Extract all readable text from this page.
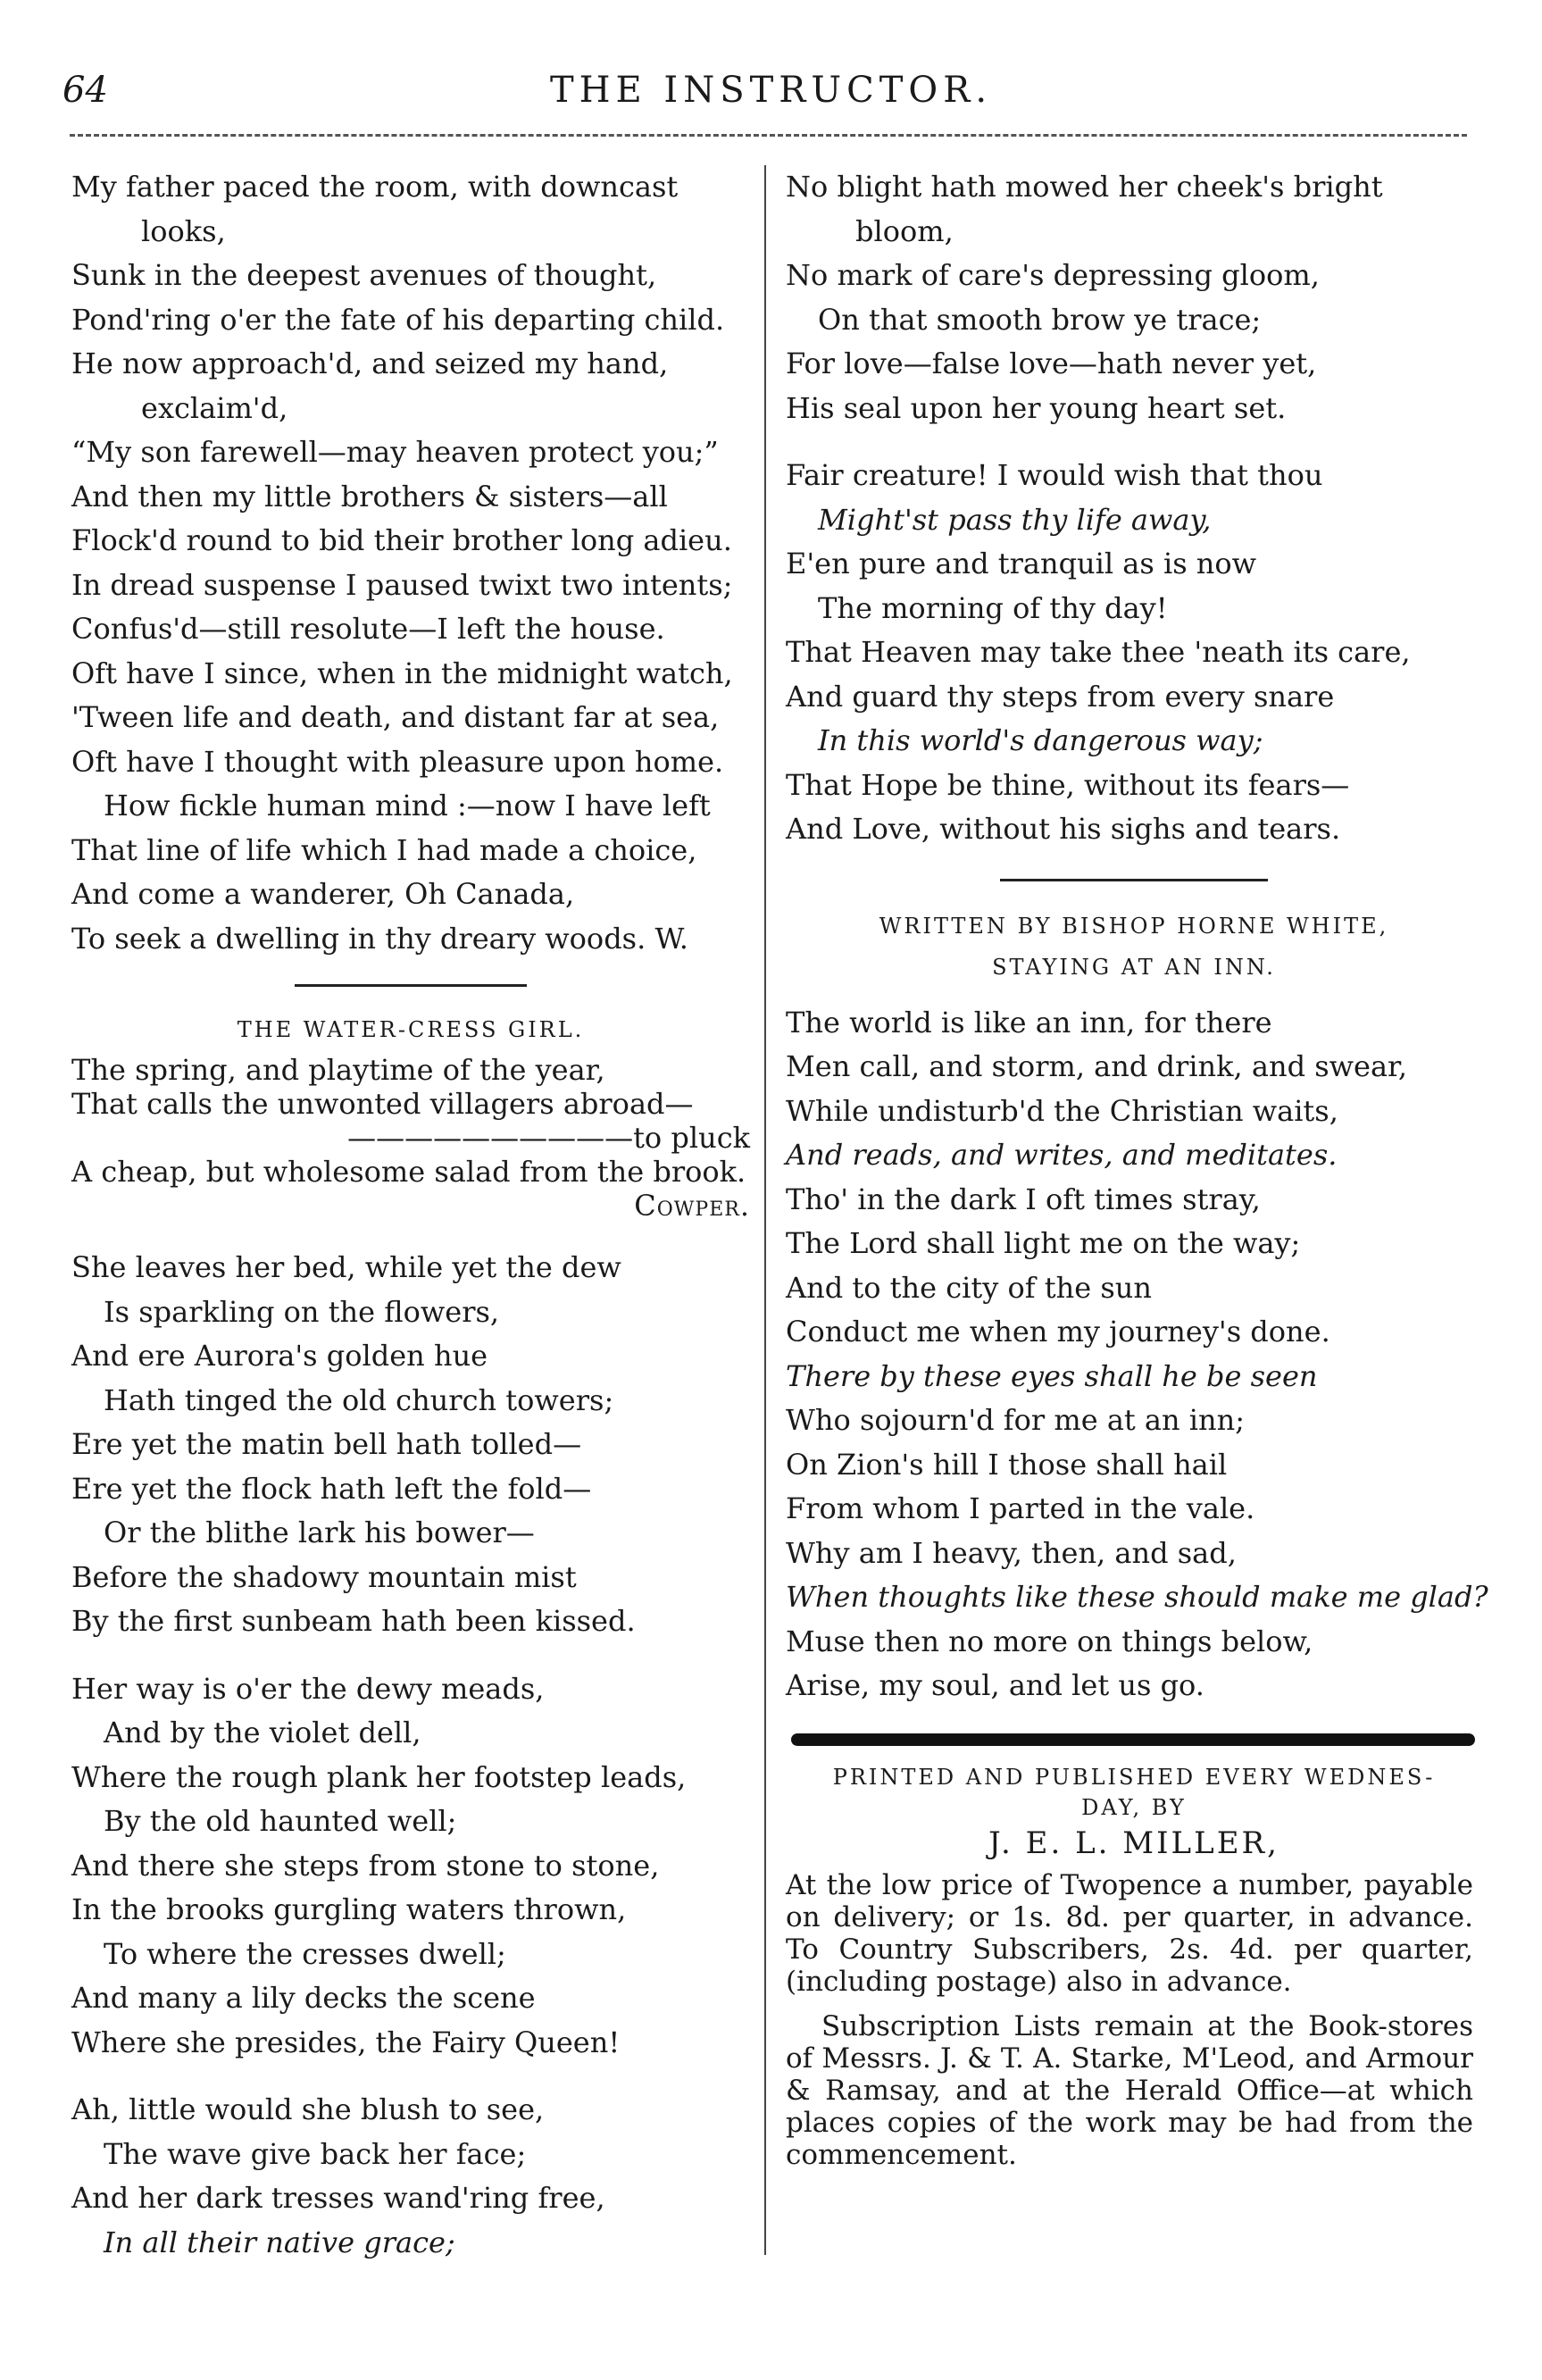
64	THE INSTRUCTOR.
My father paced the room, with downcast
looks,
Sunk in the deepest avenues of thought,
Pond'ring o'er the fate of his departing child.
He now approach'd, and seized my hand,
exclaim'd,
“My son farewell—may heaven protect you;”
And then my little brothers & sisters—all
Flock'd round to bid their brother long adieu.
In dread suspense I paused twixt two intents;
Confus'd—still resolute—I left the house.
Oft have I since, when in the midnight watch,
'Tween life and death, and distant far at sea,
Oft have I thought with pleasure upon home.
How fickle human mind :—now I have left
That line of life which I had made a choice,
And come a wanderer, Oh Canada,
To seek a dwelling in thy dreary woods. W.
THE WATER-CRESS GIRL.
The spring, and playtime of the year,
That calls the unwonted villagers abroad—
——————————to pluck
A cheap, but wholesome salad from the brook.
Cowper.
She leaves her bed, while yet the dew
Is sparkling on the flowers,
And ere Aurora's golden hue
Hath tinged the old church towers;
Ere yet the matin bell hath tolled—
Ere yet the flock hath left the fold—
Or the blithe lark his bower—
Before the shadowy mountain mist
By the first sunbeam hath been kissed.
Her way is o'er the dewy meads,
And by the violet dell,
Where the rough plank her footstep leads,
By the old haunted well;
And there she steps from stone to stone,
In the brooks gurgling waters thrown,
To where the cresses dwell;
And many a lily decks the scene
Where she presides, the Fairy Queen!
Ah, little would she blush to see,
The wave give back her face;
And her dark tresses wand'ring free,
In all their native grace;
No blight hath mowed her cheek's bright
bloom,
No mark of care's depressing gloom,
On that smooth brow ye trace;
For love—false love—hath never yet,
His seal upon her young heart set.
Fair creature! I would wish that thou
Might'st pass thy life away,
E'en pure and tranquil as is now
The morning of thy day!
That Heaven may take thee 'neath its care,
And guard thy steps from every snare
In this world's dangerous way;
That Hope be thine, without its fears—
And Love, without his sighs and tears.
WRITTEN BY BISHOP HORNE WHITE,
STAYING AT AN INN.
The world is like an inn, for there
Men call, and storm, and drink, and swear,
While undisturb'd the Christian waits,
And reads, and writes, and meditates.
Tho' in the dark I oft times stray,
The Lord shall light me on the way;
And to the city of the sun
Conduct me when my journey's done.
There by these eyes shall he be seen
Who sojourn'd for me at an inn;
On Zion's hill I those shall hail
From whom I parted in the vale.
Why am I heavy, then, and sad,
When thoughts like these should make me glad?
Muse then no more on things below,
Arise, my soul, and let us go.
PRINTED AND PUBLISHED EVERY WEDNES-
DAY, BY
J. E. L. MILLER,
At the low price of Twopence a number, payable on delivery; or 1s. 8d. per quarter, in advance. To Country Subscribers, 2s. 4d. per quarter, (including postage) also in advance.
Subscription Lists remain at the Book-stores of Messrs. J. & T. A. Starke, M'Leod, and Armour & Ramsay, and at the Herald Office—at which places copies of the work may be had from the commencement.
